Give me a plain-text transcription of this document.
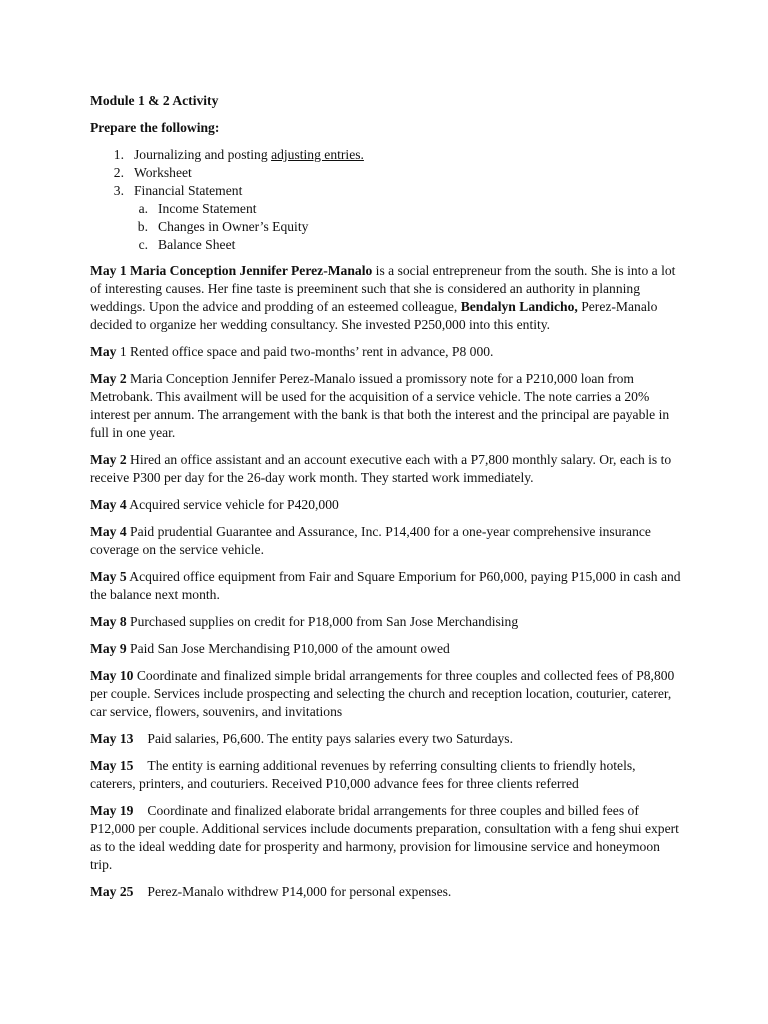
Module 1 & 2 Activity

Prepare the following:

1. Journalizing and posting adjusting entries.
2. Worksheet
3. Financial Statement
a. Income Statement
b. Changes in Owner’s Equity
c. Balance Sheet

May 1 Maria Conception Jennifer Perez-Manalo is a social entrepreneur from the south. She is into a lot of interesting causes. Her fine taste is preeminent such that she is considered an authority in planning weddings. Upon the advice and prodding of an esteemed colleague, Bendalyn Landicho, Perez-Manalo decided to organize her wedding consultancy. She invested P250,000 into this entity.

May 1 Rented office space and paid two-months’ rent in advance, P8 000.

May 2 Maria Conception Jennifer Perez-Manalo issued a promissory note for a P210,000 loan from Metrobank. This availment will be used for the acquisition of a service vehicle. The note carries a 20% interest per annum. The arrangement with the bank is that both the interest and the principal are payable in full in one year.

May 2 Hired an office assistant and an account executive each with a P7,800 monthly salary. Or, each is to receive P300 per day for the 26-day work month. They started work immediately.

May 4 Acquired service vehicle for P420,000

May 4 Paid prudential Guarantee and Assurance, Inc. P14,400 for a one-year comprehensive insurance coverage on the service vehicle.

May 5 Acquired office equipment from Fair and Square Emporium for P60,000, paying P15,000 in cash and the balance next month.

May 8 Purchased supplies on credit for P18,000 from San Jose Merchandising

May 9 Paid San Jose Merchandising P10,000 of the amount owed

May 10 Coordinate and finalized simple bridal arrangements for three couples and collected fees of P8,800 per couple. Services include prospecting and selecting the church and reception location, couturier, caterer, car service, flowers, souvenirs, and invitations

May 13 Paid salaries, P6,600. The entity pays salaries every two Saturdays.

May 15 The entity is earning additional revenues by referring consulting clients to friendly hotels, caterers, printers, and couturiers. Received P10,000 advance fees for three clients referred

May 19 Coordinate and finalized elaborate bridal arrangements for three couples and billed fees of P12,000 per couple. Additional services include documents preparation, consultation with a feng shui expert as to the ideal wedding date for prosperity and harmony, provision for limousine service and honeymoon trip.

May 25 Perez-Manalo withdrew P14,000 for personal expenses.
